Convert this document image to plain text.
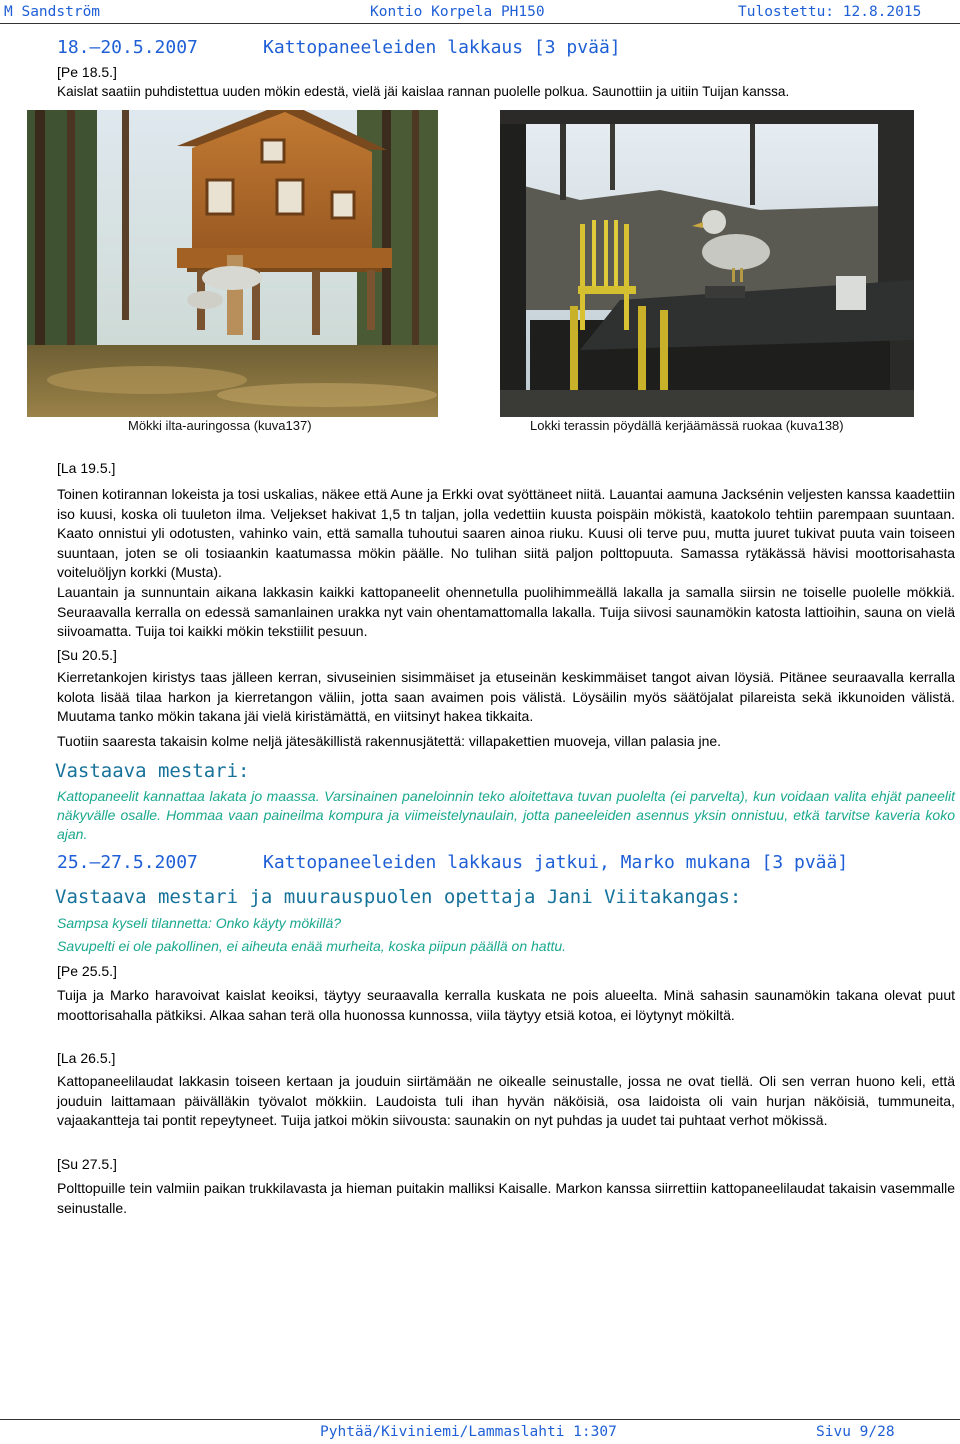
M Sandström	Kontio Korpela PH150	Tulostettu: 12.8.2015
18.–20.5.2007	Kattopaneeleiden lakkaus [3 pvää]
[Pe 18.5.]
Kaislat saatiin puhdistettua uuden mökin edestä, vielä jäi kaislaa rannan puolelle polkua. Saunottiin ja uitiin Tuijan kanssa.
Mökki ilta-auringossa (kuva137)	Lokki terassin pöydällä kerjäämässä ruokaa (kuva138)
[La 19.5.]
Toinen kotirannan lokeista ja tosi uskalias, näkee että Aune ja Erkki ovat syöttäneet niitä. Lauantai aamuna Jacksénin veljesten kanssa kaadettiin iso kuusi, koska oli tuuleton ilma. Veljekset hakivat 1,5 tn taljan, jolla vedettiin kuusta poispäin mökistä, kaatokolo tehtiin parempaan suuntaan. Kaato onnistui yli odotusten, vahinko vain, että samalla tuhoutui saaren ainoa riuku. Kuusi oli terve puu, mutta juuret tukivat puuta vain toiseen suuntaan, joten se oli tosiaankin kaatumassa mökin päälle. No tulihan siitä paljon polttopuuta. Samassa rytäkässä hävisi moottorisahasta voiteluöljyn korkki (Musta).
Lauantain ja sunnuntain aikana lakkasin kaikki kattopaneelit ohennetulla puolihimmeällä lakalla ja samalla siirsin ne toiselle puolelle mökkiä. Seuraavalla kerralla on edessä samanlainen urakka nyt vain ohentamattomalla lakalla. Tuija siivosi saunamökin katosta lattioihin, sauna on vielä siivoamatta. Tuija toi kaikki mökin tekstiilit pesuun.
[Su 20.5.]
Kierretankojen kiristys taas jälleen kerran, sivuseinien sisimmäiset ja etuseinän keskimmäiset tangot aivan löysiä. Pitänee seuraavalla kerralla kolota lisää tilaa harkon ja kierretangon väliin, jotta saan avaimen pois välistä. Löysäilin myös säätöjalat pilareista sekä ikkunoiden välistä. Muutama tanko mökin takana jäi vielä kiristämättä, en viitsinyt hakea tikkaita.
Tuotiin saaresta takaisin kolme neljä jätesäkillistä rakennusjätettä: villapakettien muoveja, villan palasia jne.
Vastaava mestari:
Kattopaneelit kannattaa lakata jo maassa. Varsinainen paneloinnin teko aloitettava tuvan puolelta (ei parvelta), kun voidaan valita ehjät paneelit näkyvälle osalle. Hommaa vaan paineilma kompura ja viimeistelynaulain, jotta paneeleiden asennus yksin onnistuu, etkä tarvitse kaveria koko ajan.
25.–27.5.2007	Kattopaneeleiden lakkaus jatkui, Marko mukana [3 pvää]
Vastaava mestari ja muurauspuolen opettaja Jani Viitakangas:
Sampsa kyseli tilannetta: Onko käyty mökillä?
Savupelti ei ole pakollinen, ei aiheuta enää murheita, koska piipun päällä on hattu.
[Pe 25.5.]
Tuija ja Marko haravoivat kaislat keoiksi, täytyy seuraavalla kerralla kuskata ne pois alueelta. Minä sahasin saunamökin takana olevat puut moottorisahalla pätkiksi. Alkaa sahan terä olla huonossa kunnossa, viila täytyy etsiä kotoa, ei löytynyt mökiltä.
[La 26.5.]
Kattopaneelilaudat lakkasin toiseen kertaan ja jouduin siirtämään ne oikealle seinustalle, jossa ne ovat tiellä. Oli sen verran huono keli, että jouduin laittamaan päivälläkin työvalot mökkiin. Laudoista tuli ihan hyvän näköisiä, osa laidoista oli vain hurjan näköisiä, tummuneita, vajaakantteja tai pontit repeytyneet. Tuija jatkoi mökin siivousta: saunakin on nyt puhdas ja uudet tai puhtaat verhot mökissä.
[Su 27.5.]
Polttopuille tein valmiin paikan trukkilavasta ja hieman puitakin malliksi Kaisalle. Markon kanssa siirrettiin kattopaneelilaudat takaisin vasemmalle seinustalle.
Pyhtää/Kiviniemi/Lammaslahti 1:307	Sivu 9/28
